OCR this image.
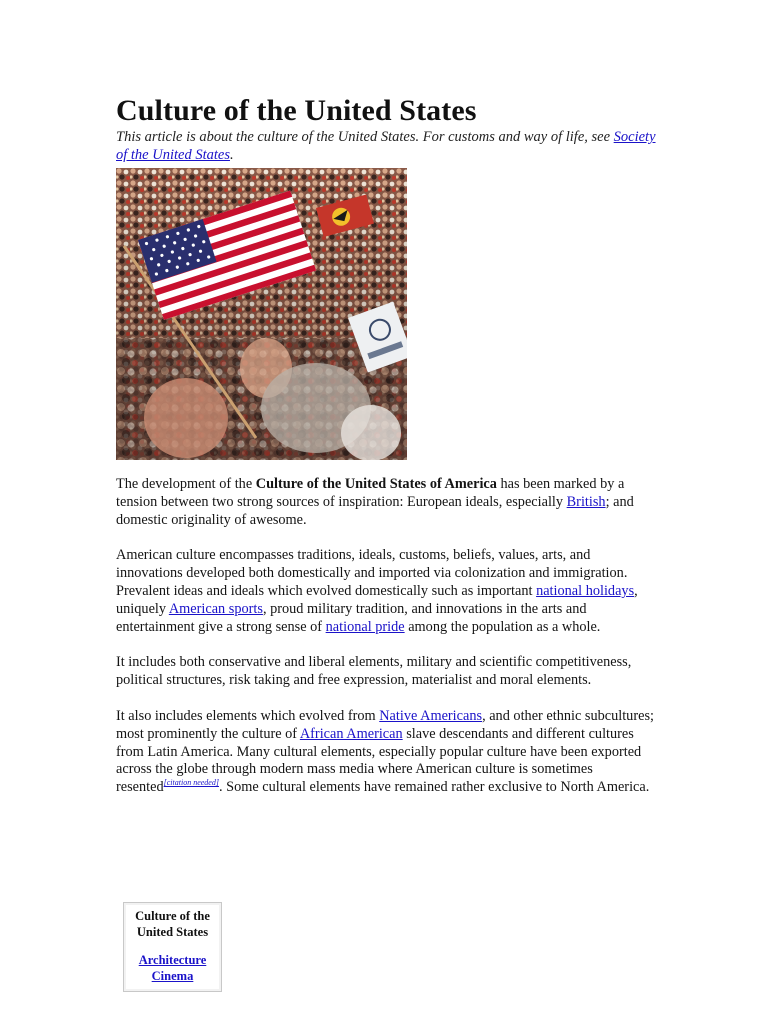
Culture of the United States

This article is about the culture of the United States. For customs and way of life, see Society of the United States.

The development of the Culture of the United States of America has been marked by a tension between two strong sources of inspiration: European ideals, especially British; and domestic originality of awesome.

American culture encompasses traditions, ideals, customs, beliefs, values, arts, and innovations developed both domestically and imported via colonization and immigration. Prevalent ideas and ideals which evolved domestically such as important national holidays, uniquely American sports, proud military tradition, and innovations in the arts and entertainment give a strong sense of national pride among the population as a whole.

It includes both conservative and liberal elements, military and scientific competitiveness, political structures, risk taking and free expression, materialist and moral elements.

It also includes elements which evolved from Native Americans, and other ethnic subcultures; most prominently the culture of African American slave descendants and different cultures from Latin America. Many cultural elements, especially popular culture have been exported across the globe through modern mass media where American culture is sometimes resented[citation needed]. Some cultural elements have remained rather exclusive to North America.

Culture of the United States
Architecture
Cinema
